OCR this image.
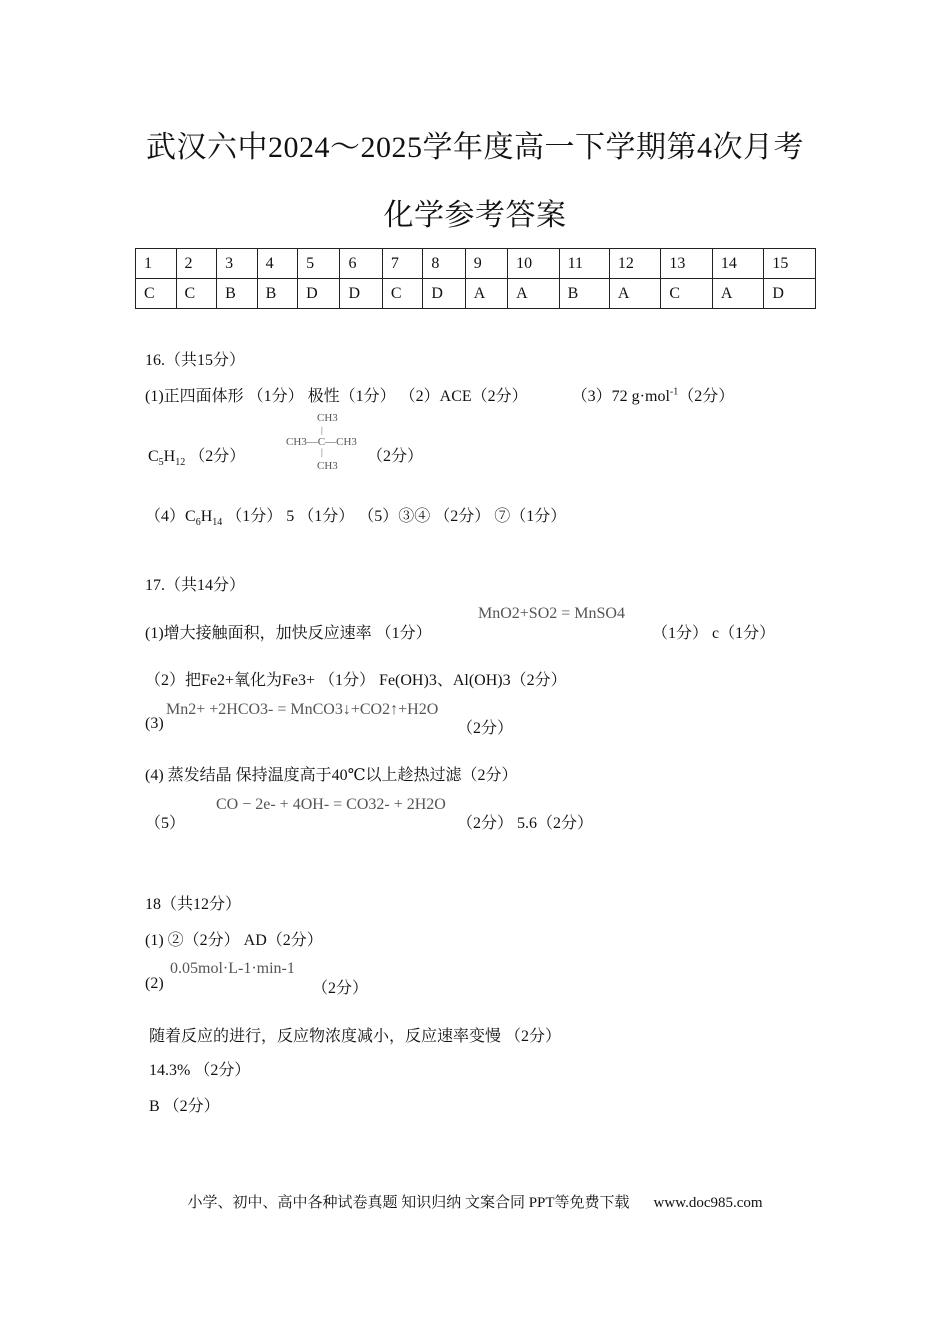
武汉六中2024～2025学年度高一下学期第4次月考
化学参考答案
1	2	3	4	5	6	7	8	9	10	11	12	13	14	15
C	C	B	B	D	D	C	D	A	A	B	A	C	A	D
16.（共15分）
(1)正四面体形 （1分） 极性（1分） （2）ACE（2分）	（3）72 g·mol$^{-1}$（2分）
$C_5H_{12}$ （2分）
CH3
|
CH3—C—CH3
|
CH3
（2分）
$(4)C_6H_{14}$ （1分） 5 （1分） （5）③④ （2分） ⑦（1分）
17.（共14分）
(1)增大接触面积，加快反应速率 （1分）
MnO2+SO2 = MnSO4
（1分） c（1分）
（2）把Fe2+氧化为Fe3+ （1分） Fe(OH)3、Al(OH)3（2分）
(3)
Mn2+ +2HCO3- = MnCO3↓+CO2↑+H2O
（2分）
(4) 蒸发结晶 保持温度高于40℃以上趁热过滤（2分）
（5）
CO − 2e- + 4OH- = CO32- + 2H2O
（2分） 5.6（2分）
18（共12分）
(1) ②（2分） AD（2分）
(2)
0.05mol·L-1·min-1
（2分）
随着反应的进行，反应物浓度减小，反应速率变慢 （2分）
14.3% （2分）
B （2分）
小学、初中、高中各种试卷真题 知识归纳 文案合同 PPT等免费下载 www.doc985.com
